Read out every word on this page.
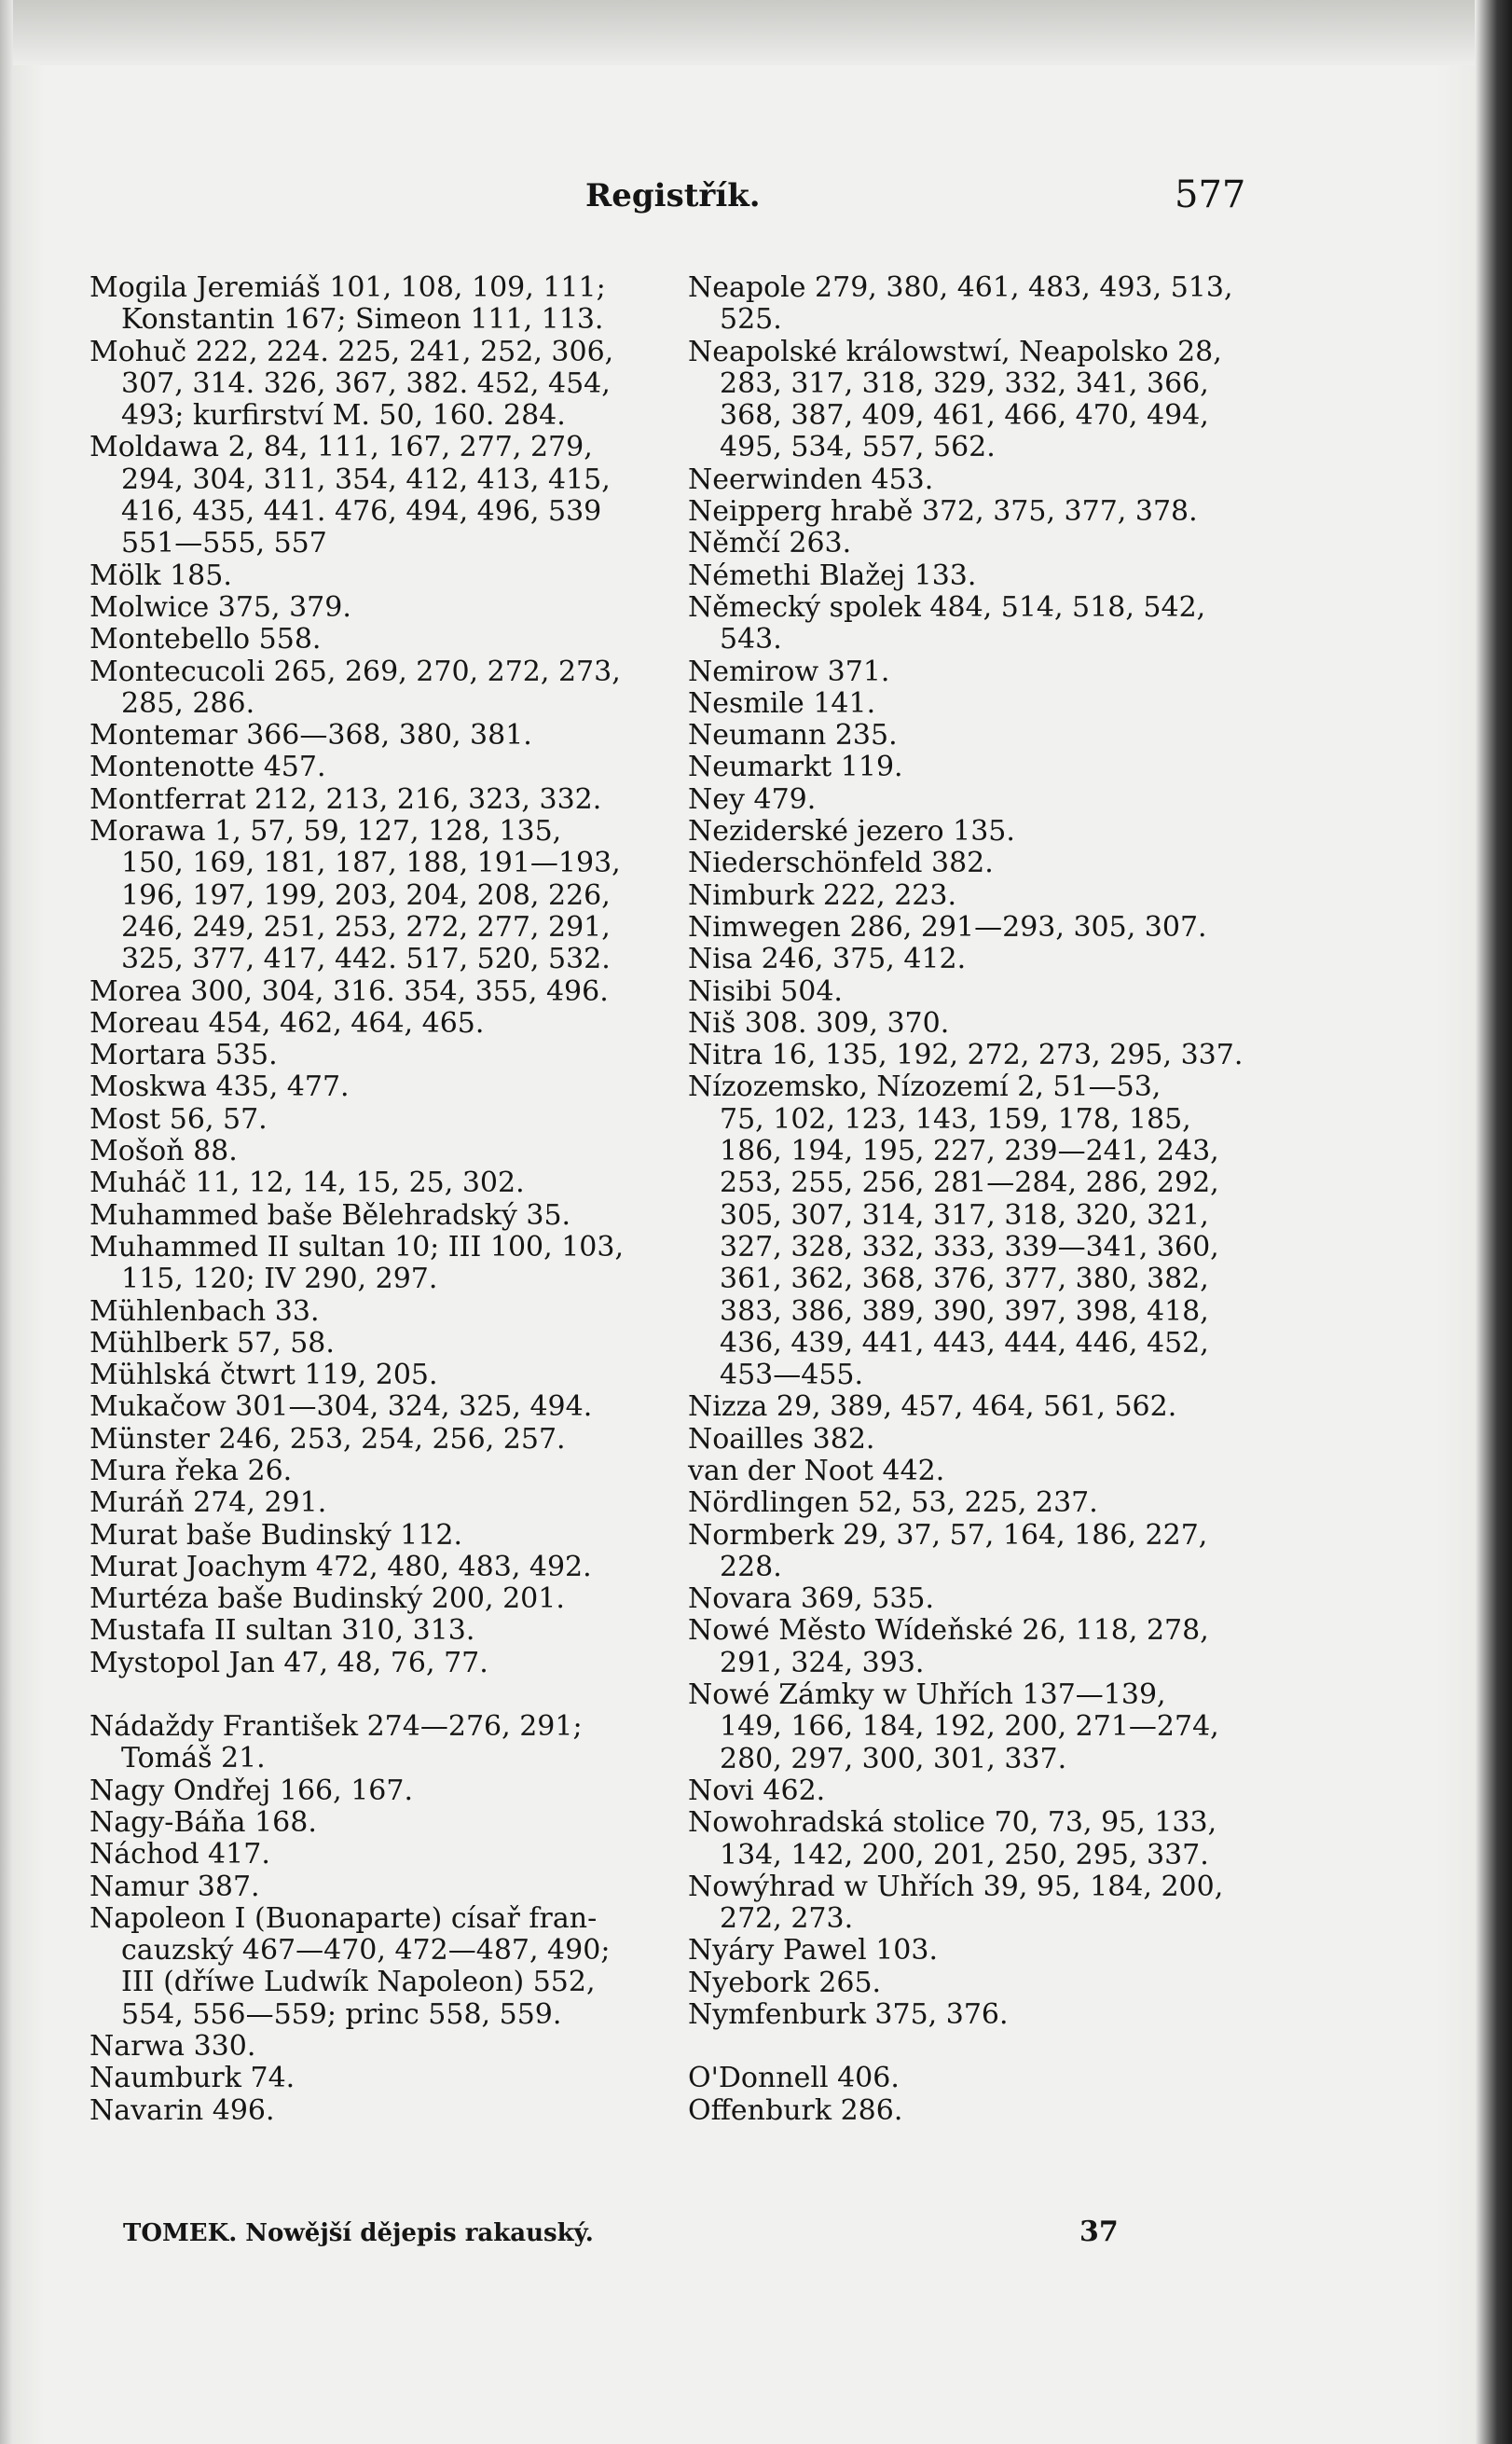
Registřík.	577
Mogila Jeremiáš 101, 108, 109, 111;
Konstantin 167; Simeon 111, 113.
Mohuč 222, 224. 225, 241, 252, 306,
307, 314. 326, 367, 382. 452, 454,
493; kurfirství M. 50, 160. 284.
Moldawa 2, 84, 111, 167, 277, 279,
294, 304, 311, 354, 412, 413, 415,
416, 435, 441. 476, 494, 496, 539
551—555, 557
Mölk 185.
Molwice 375, 379.
Montebello 558.
Montecucoli 265, 269, 270, 272, 273,
285, 286.
Montemar 366—368, 380, 381.
Montenotte 457.
Montferrat 212, 213, 216, 323, 332.
Morawa 1, 57, 59, 127, 128, 135,
150, 169, 181, 187, 188, 191—193,
196, 197, 199, 203, 204, 208, 226,
246, 249, 251, 253, 272, 277, 291,
325, 377, 417, 442. 517, 520, 532.
Morea 300, 304, 316. 354, 355, 496.
Moreau 454, 462, 464, 465.
Mortara 535.
Moskwa 435, 477.
Most 56, 57.
Mošoň 88.
Muháč 11, 12, 14, 15, 25, 302.
Muhammed baše Bělehradský 35.
Muhammed II sultan 10; III 100, 103,
115, 120; IV 290, 297.
Mühlenbach 33.
Mühlberk 57, 58.
Mühlská čtwrt 119, 205.
Mukačow 301—304, 324, 325, 494.
Münster 246, 253, 254, 256, 257.
Mura řeka 26.
Muráň 274, 291.
Murat baše Budinský 112.
Murat Joachym 472, 480, 483, 492.
Murtéza baše Budinský 200, 201.
Mustafa II sultan 310, 313.
Mystopol Jan 47, 48, 76, 77.
Nádaždy František 274—276, 291;
Tomáš 21.
Nagy Ondřej 166, 167.
Nagy-Báňa 168.
Náchod 417.
Namur 387.
Napoleon I (Buonaparte) císař fran-
cauzský 467—470, 472—487, 490;
III (dříwe Ludwík Napoleon) 552,
554, 556—559; princ 558, 559.
Narwa 330.
Naumburk 74.
Navarin 496.
Neapole 279, 380, 461, 483, 493, 513,
525.
Neapolské králowstwí, Neapolsko 28,
283, 317, 318, 329, 332, 341, 366,
368, 387, 409, 461, 466, 470, 494,
495, 534, 557, 562.
Neerwinden 453.
Neipperg hrabě 372, 375, 377, 378.
Němčí 263.
Némethi Blažej 133.
Německý spolek 484, 514, 518, 542,
543.
Nemirow 371.
Nesmile 141.
Neumann 235.
Neumarkt 119.
Ney 479.
Neziderské jezero 135.
Niederschönfeld 382.
Nimburk 222, 223.
Nimwegen 286, 291—293, 305, 307.
Nisa 246, 375, 412.
Nisibi 504.
Niš 308. 309, 370.
Nitra 16, 135, 192, 272, 273, 295, 337.
Nízozemsko, Nízozemí 2, 51—53,
75, 102, 123, 143, 159, 178, 185,
186, 194, 195, 227, 239—241, 243,
253, 255, 256, 281—284, 286, 292,
305, 307, 314, 317, 318, 320, 321,
327, 328, 332, 333, 339—341, 360,
361, 362, 368, 376, 377, 380, 382,
383, 386, 389, 390, 397, 398, 418,
436, 439, 441, 443, 444, 446, 452,
453—455.
Nizza 29, 389, 457, 464, 561, 562.
Noailles 382.
van der Noot 442.
Nördlingen 52, 53, 225, 237.
Normberk 29, 37, 57, 164, 186, 227,
228.
Novara 369, 535.
Nowé Město Wídeňské 26, 118, 278,
291, 324, 393.
Nowé Zámky w Uhřích 137—139,
149, 166, 184, 192, 200, 271—274,
280, 297, 300, 301, 337.
Novi 462.
Nowohradská stolice 70, 73, 95, 133,
134, 142, 200, 201, 250, 295, 337.
Nowýhrad w Uhřích 39, 95, 184, 200,
272, 273.
Nyáry Pawel 103.
Nyebork 265.
Nymfenburk 375, 376.
O'Donnell 406.
Offenburk 286.
TOMEK. Nowější dějepis rakauský.	37
